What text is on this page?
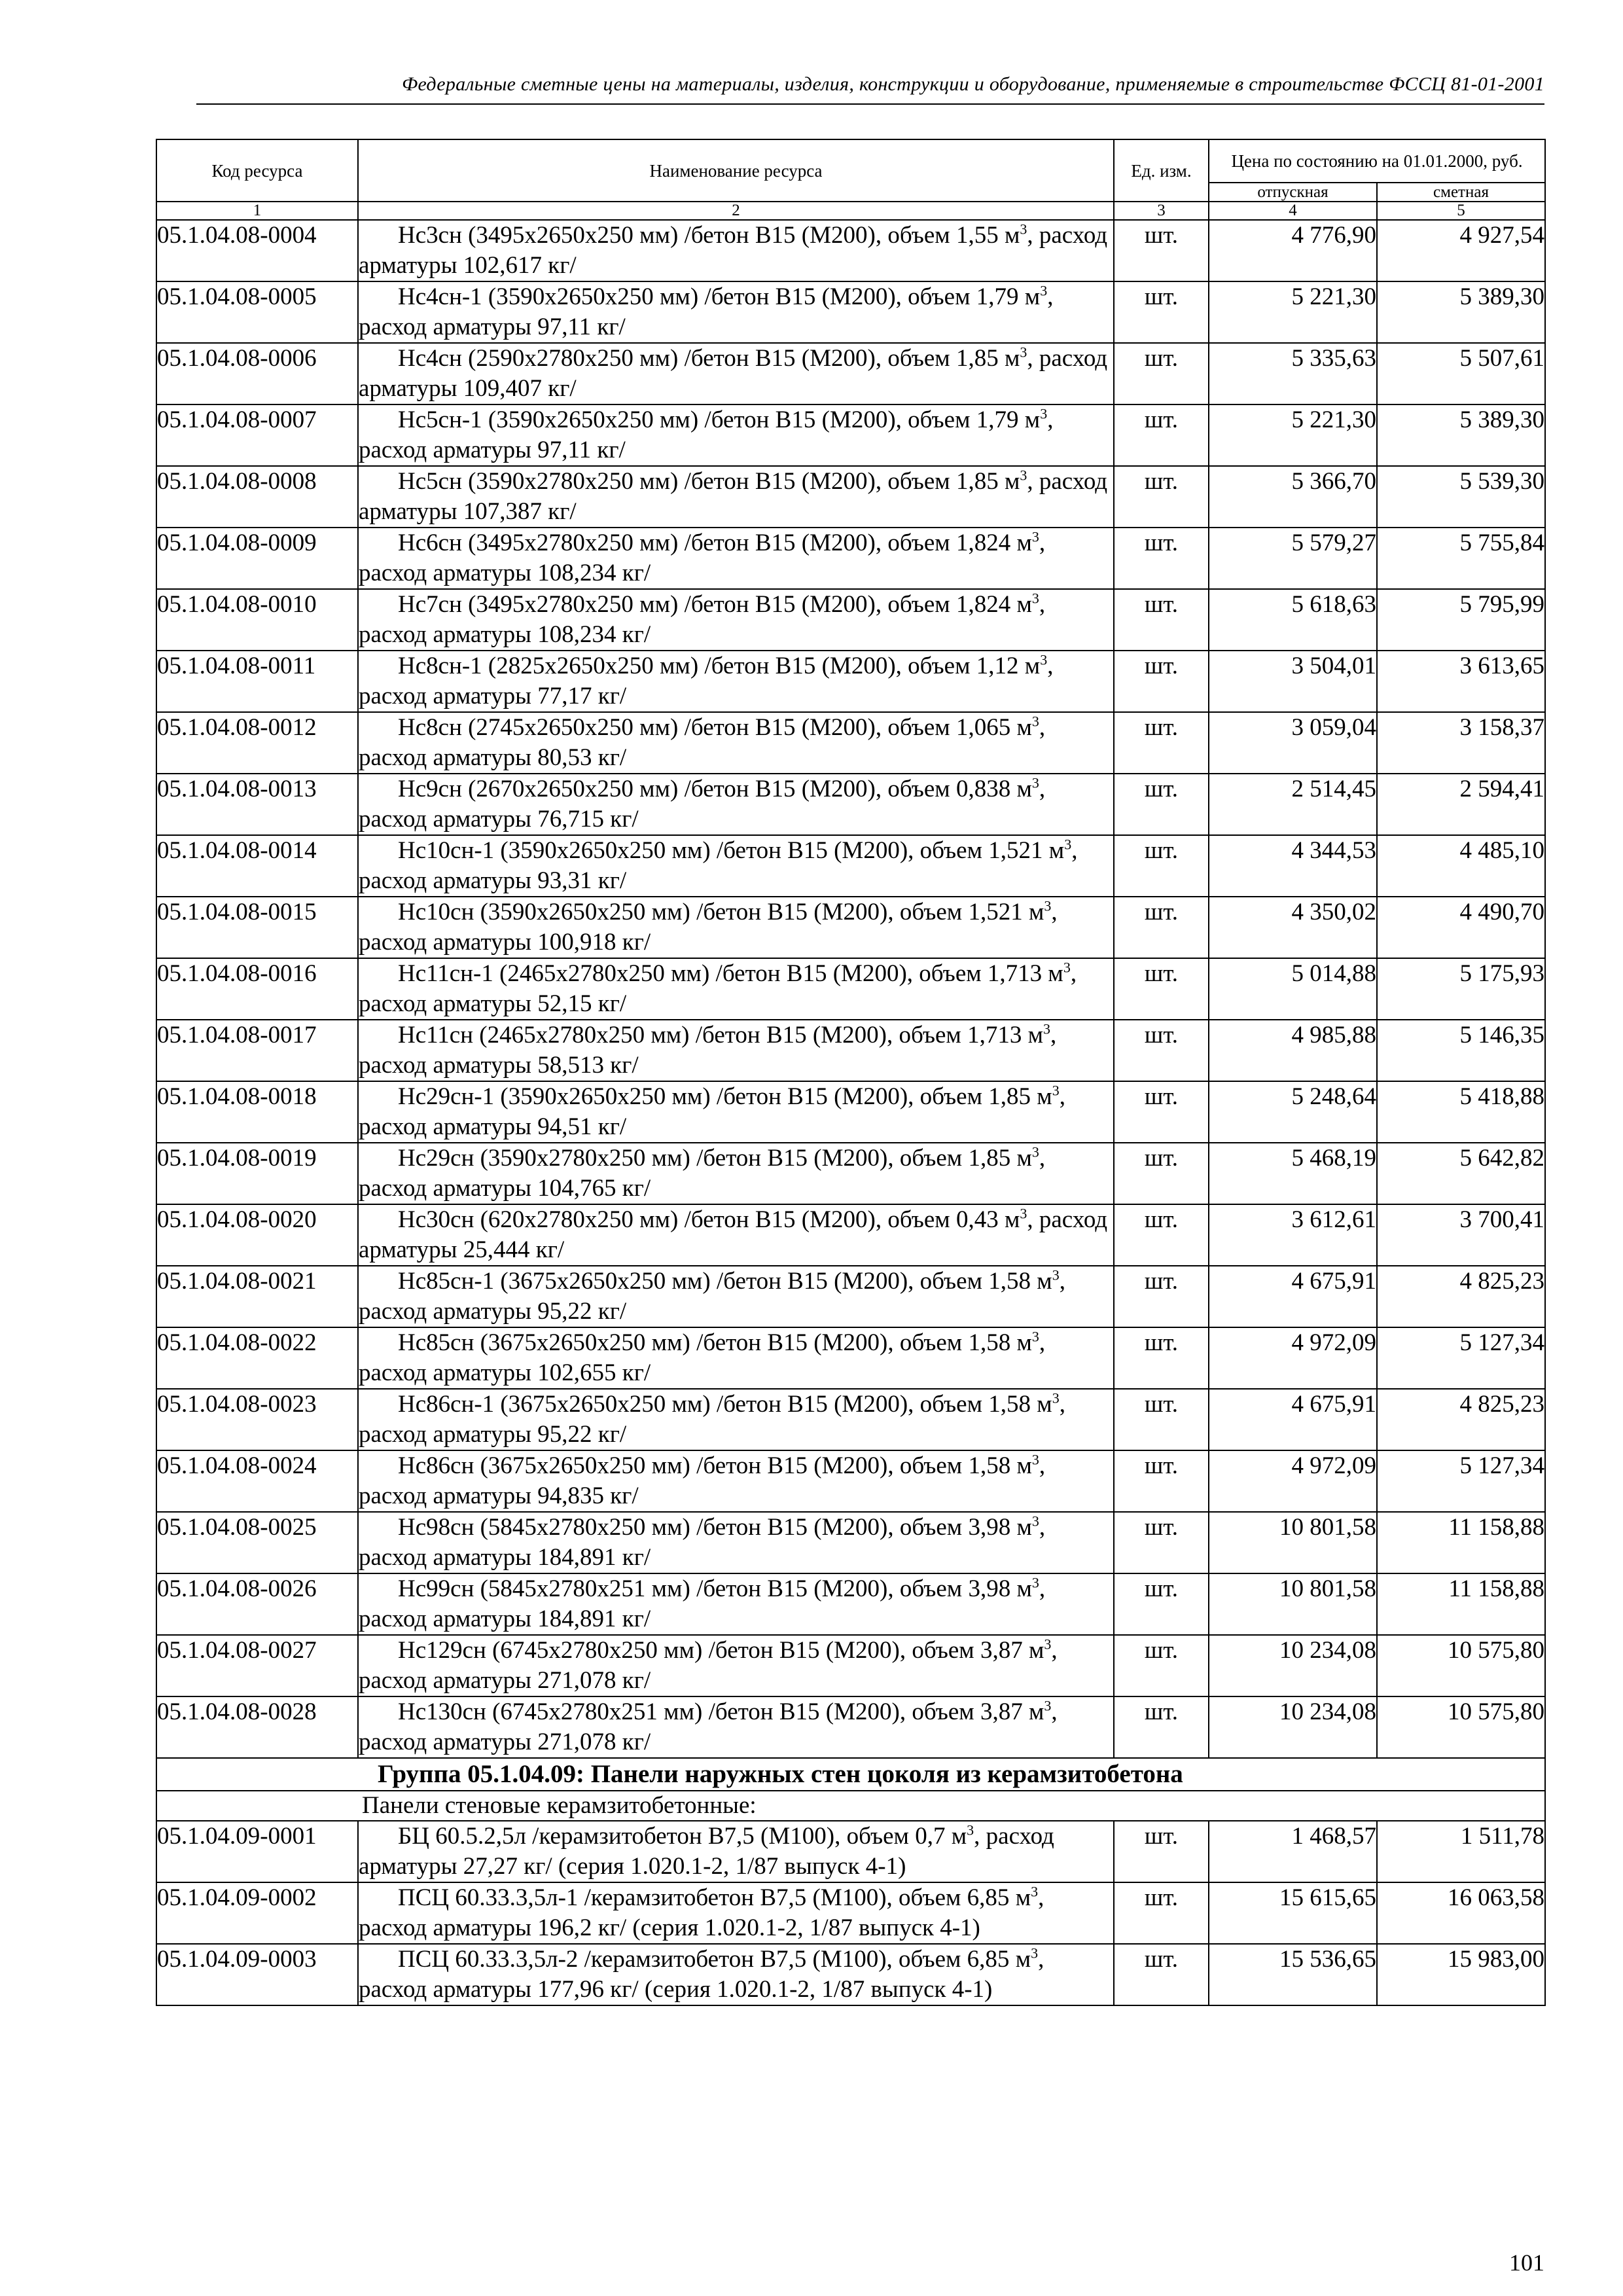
Федеральные сметные цены на материалы, изделия, конструкции и оборудование, применяемые в строительстве ФССЦ 81-01-2001
Код ресурса	Наименование ресурса	Ед. изм.	Цена по состоянию на 01.01.2000, руб.	
			отпускная	сметная
1	2	3	4	5
05.1.04.08-0004	Нс3сн (3495х2650х250 мм) /бетон В15 (М200), объем 1,55 $м^3$, расход арматуры 102,617 кг/	шт.	4 776,90	4 927,54
05.1.04.08-0005	Нс4сн-1 (3590х2650х250 мм) /бетон В15 (М200), объем 1,79 $м^3$, расход арматуры 97,11 кг/	шт.	5 221,30	5 389,30
05.1.04.08-0006	Нс4сн (2590х2780х250 мм) /бетон В15 (М200), объем 1,85 $м^3$, расход арматуры 109,407 кг/	шт.	5 335,63	5 507,61
05.1.04.08-0007	Нс5сн-1 (3590х2650х250 мм) /бетон В15 (М200), объем 1,79 $м^3$, расход арматуры 97,11 кг/	шт.	5 221,30	5 389,30
05.1.04.08-0008	Нс5сн (3590х2780х250 мм) /бетон В15 (М200), объем 1,85 $м^3$, расход арматуры 107,387 кг/	шт.	5 366,70	5 539,30
05.1.04.08-0009	Нс6сн (3495х2780х250 мм) /бетон В15 (М200), объем 1,824 $м^3$, расход арматуры 108,234 кг/	шт.	5 579,27	5 755,84
05.1.04.08-0010	Нс7сн (3495х2780х250 мм) /бетон В15 (М200), объем 1,824 $м^3$, расход арматуры 108,234 кг/	шт.	5 618,63	5 795,99
05.1.04.08-0011	Нс8сн-1 (2825х2650х250 мм) /бетон В15 (М200), объем 1,12 $м^3$, расход арматуры 77,17 кг/	шт.	3 504,01	3 613,65
05.1.04.08-0012	Нс8сн (2745х2650х250 мм) /бетон В15 (М200), объем 1,065 $м^3$, расход арматуры 80,53 кг/	шт.	3 059,04	3 158,37
05.1.04.08-0013	Нс9сн (2670х2650х250 мм) /бетон В15 (М200), объем 0,838 $м^3$, расход арматуры 76,715 кг/	шт.	2 514,45	2 594,41
05.1.04.08-0014	Нс10сн-1 (3590х2650х250 мм) /бетон В15 (М200), объем 1,521 $м^3$, расход арматуры 93,31 кг/	шт.	4 344,53	4 485,10
05.1.04.08-0015	Нс10сн (3590х2650х250 мм) /бетон В15 (М200), объем 1,521 $м^3$, расход арматуры 100,918 кг/	шт.	4 350,02	4 490,70
05.1.04.08-0016	Нс11сн-1 (2465х2780х250 мм) /бетон В15 (М200), объем 1,713 $м^3$, расход арматуры 52,15 кг/	шт.	5 014,88	5 175,93
05.1.04.08-0017	Нс11сн (2465х2780х250 мм) /бетон В15 (М200), объем 1,713 $м^3$, расход арматуры 58,513 кг/	шт.	4 985,88	5 146,35
05.1.04.08-0018	Нс29сн-1 (3590х2650х250 мм) /бетон В15 (М200), объем 1,85 $м^3$, расход арматуры 94,51 кг/	шт.	5 248,64	5 418,88
05.1.04.08-0019	Нс29сн (3590х2780х250 мм) /бетон В15 (М200), объем 1,85 $м^3$, расход арматуры 104,765 кг/	шт.	5 468,19	5 642,82
05.1.04.08-0020	Нс30сн (620х2780х250 мм) /бетон В15 (М200), объем 0,43 $м^3$, расход арматуры 25,444 кг/	шт.	3 612,61	3 700,41
05.1.04.08-0021	Нс85сн-1 (3675х2650х250 мм) /бетон В15 (М200), объем 1,58 $м^3$, расход арматуры 95,22 кг/	шт.	4 675,91	4 825,23
05.1.04.08-0022	Нс85сн (3675х2650х250 мм) /бетон В15 (М200), объем 1,58 $м^3$, расход арматуры 102,655 кг/	шт.	4 972,09	5 127,34
05.1.04.08-0023	Нс86сн-1 (3675х2650х250 мм) /бетон В15 (М200), объем 1,58 $м^3$, расход арматуры 95,22 кг/	шт.	4 675,91	4 825,23
05.1.04.08-0024	Нс86сн (3675х2650х250 мм) /бетон В15 (М200), объем 1,58 $м^3$, расход арматуры 94,835 кг/	шт.	4 972,09	5 127,34
05.1.04.08-0025	Нс98сн (5845х2780х250 мм) /бетон В15 (М200), объем 3,98 $м^3$, расход арматуры 184,891 кг/	шт.	10 801,58	11 158,88
05.1.04.08-0026	Нс99сн (5845х2780х251 мм) /бетон В15 (М200), объем 3,98 $м^3$, расход арматуры 184,891 кг/	шт.	10 801,58	11 158,88
05.1.04.08-0027	Нс129сн (6745х2780х250 мм) /бетон В15 (М200), объем 3,87 $м^3$, расход арматуры 271,078 кг/	шт.	10 234,08	10 575,80
05.1.04.08-0028	Нс130сн (6745х2780х251 мм) /бетон В15 (М200), объем 3,87 $м^3$, расход арматуры 271,078 кг/	шт.	10 234,08	10 575,80
	Группа 05.1.04.09: Панели наружных стен цоколя из керамзитобетона			
	Панели стеновые керамзитобетонные:			
05.1.04.09-0001	БЦ 60.5.2,5л /керамзитобетон В7,5 (М100), объем 0,7 $м^3$, расход арматуры 27,27 кг/ (серия 1.020.1-2, 1/87 выпуск 4-1)	шт.	1 468,57	1 511,78
05.1.04.09-0002	ПСЦ 60.33.3,5л-1 /керамзитобетон В7,5 (М100), объем 6,85 $м^3$, расход арматуры 196,2 кг/ (серия 1.020.1-2, 1/87 выпуск 4-1)	шт.	15 615,65	16 063,58
05.1.04.09-0003	ПСЦ 60.33.3,5л-2 /керамзитобетон В7,5 (М100), объем 6,85 $м^3$, расход арматуры 177,96 кг/ (серия 1.020.1-2, 1/87 выпуск 4-1)	шт.	15 536,65	15 983,00
101
